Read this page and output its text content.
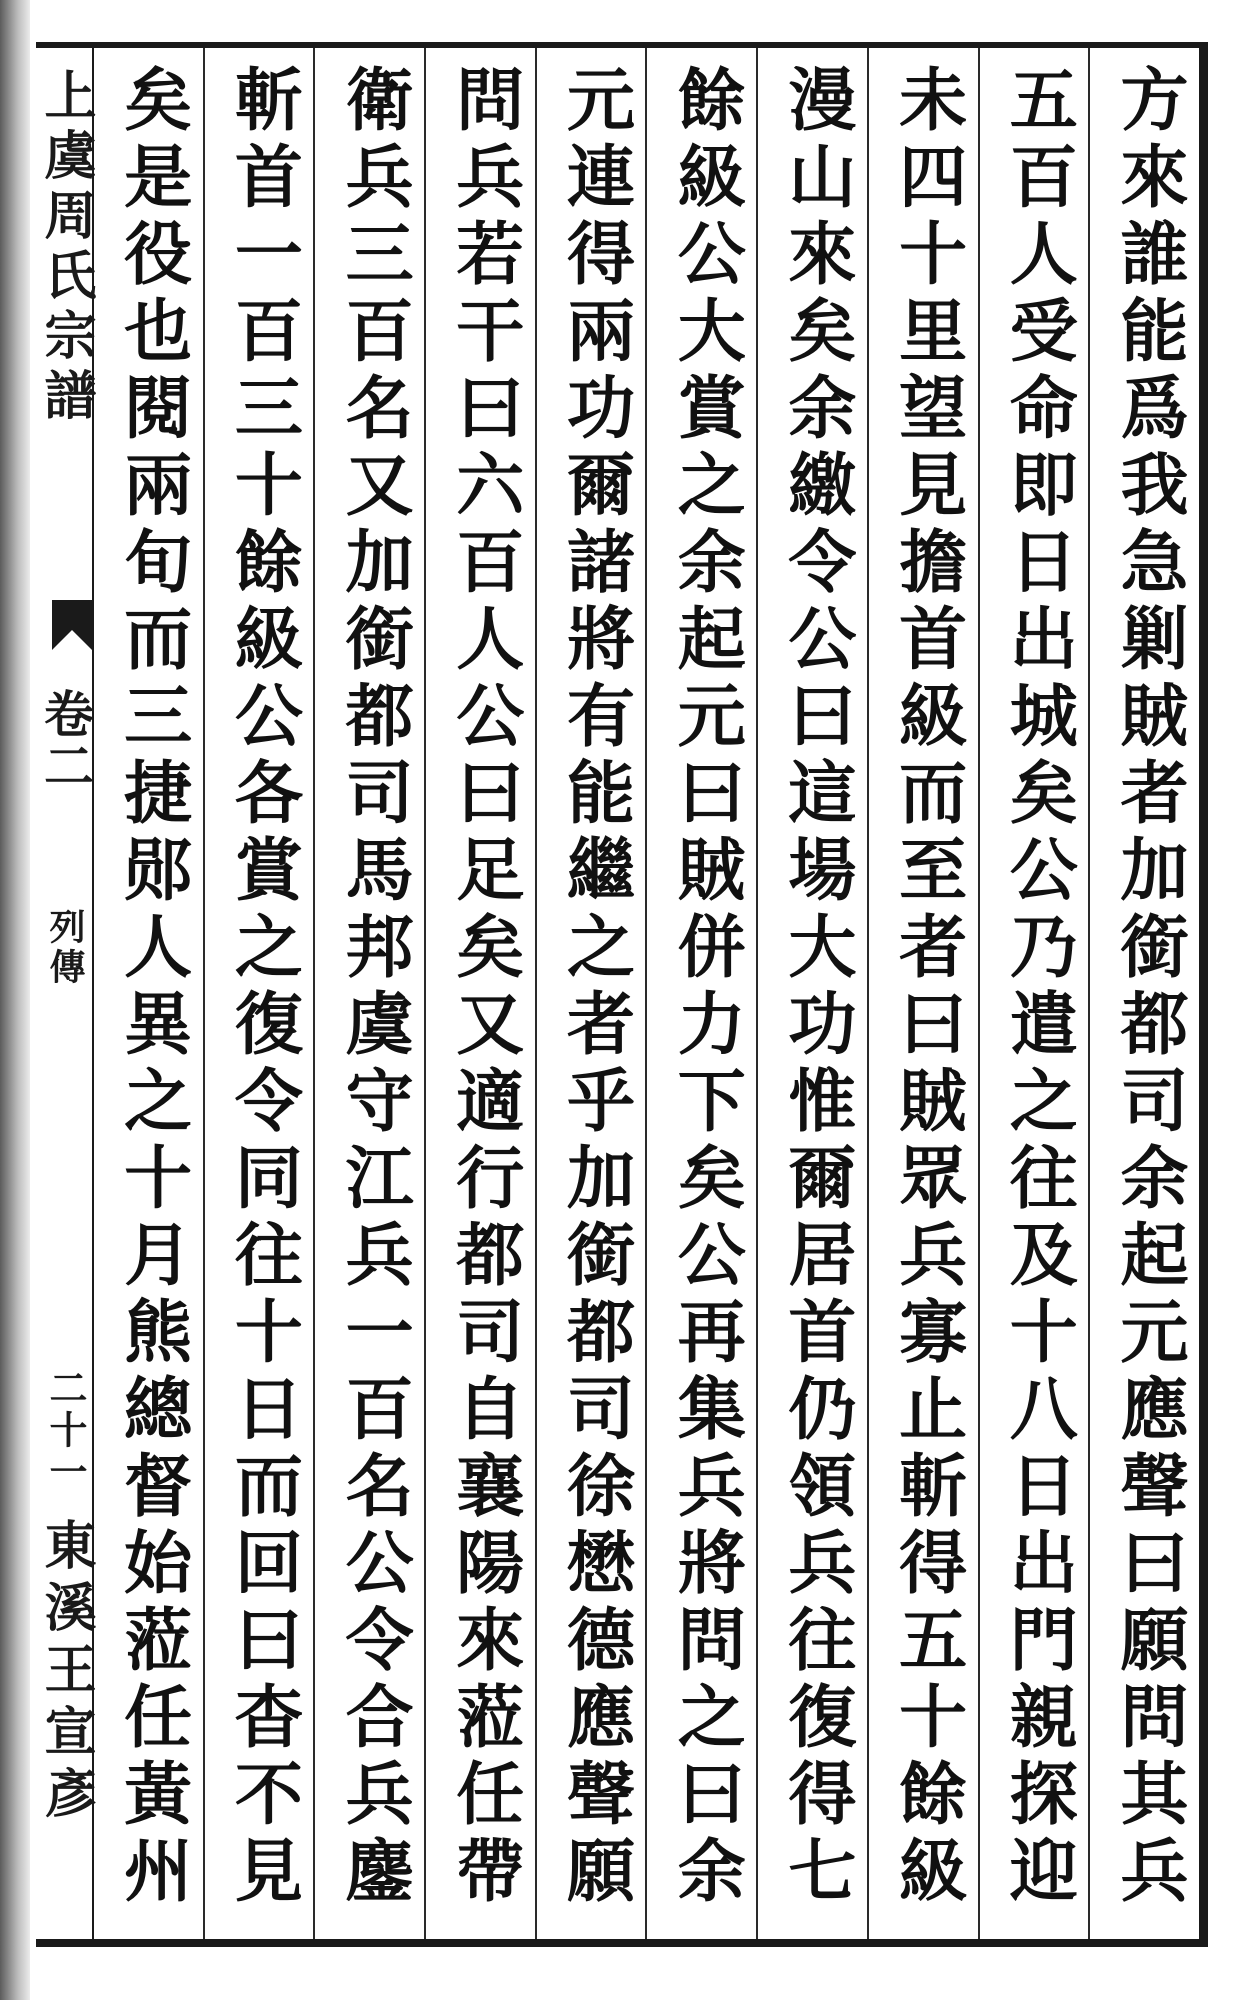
上虞周氏宗譜
卷二
列傳
二十一
東溪王宣彥
方來誰能爲我急剿賊者加銜都司余起元應聲曰願問其兵
五百人受命即日出城矣公乃遣之往及十八日出門親探迎
未四十里望見擔首級而至者曰賊眾兵寡止斬得五十餘級
漫山來矣余繳令公曰這場大功惟爾居首仍領兵往復得七
餘級公大賞之余起元曰賊併力下矣公再集兵將問之曰余
元連得兩功爾諸將有能繼之者乎加銜都司徐懋德應聲願
問兵若干曰六百人公曰足矣又適行都司自襄陽來蒞任帶
衛兵三百名又加銜都司馬邦虞守江兵一百名公令合兵鏖
斬首一百三十餘級公各賞之復令同往十日而回曰杳不見
矣是役也閱兩旬而三捷郧人異之十月熊總督始蒞任黃州
